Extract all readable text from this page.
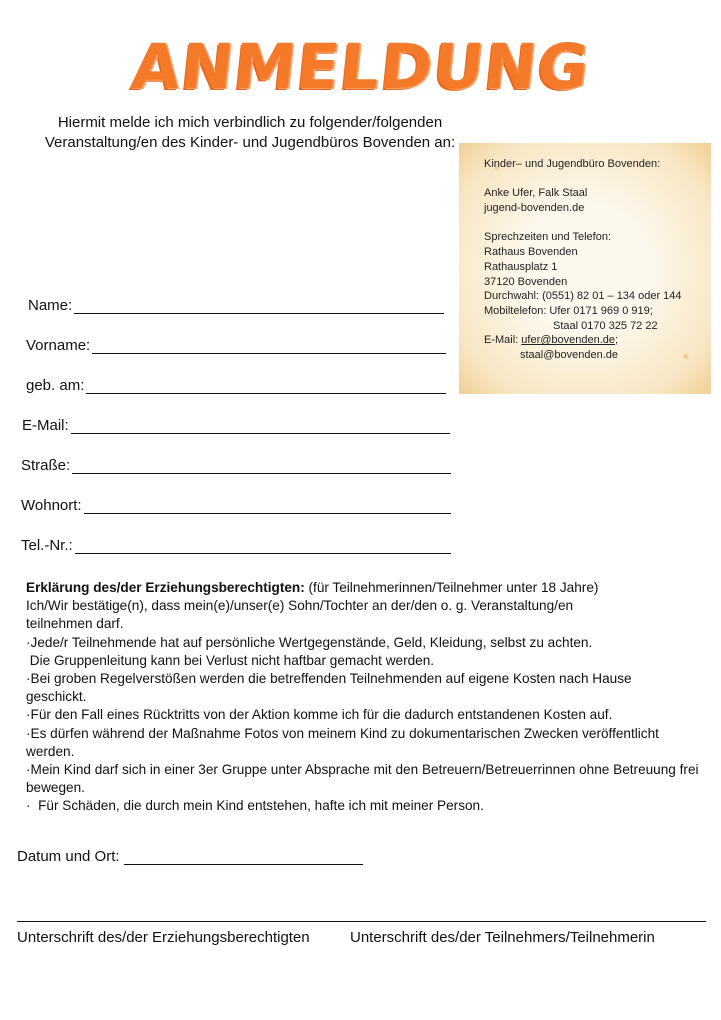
ANMELDUNG
Hiermit melde ich mich verbindlich zu folgender/folgenden
Veranstaltung/en des Kinder- und Jugendbüros Bovenden an:
Kinder– und Jugendbüro Bovenden:
Anke Ufer, Falk Staal
jugend-bovenden.de
Sprechzeiten und Telefon:
Rathaus Bovenden
Rathausplatz 1
37120 Bovenden
Durchwahl: (0551) 82 01 – 134 oder 144
Mobiltelefon: Ufer 0171 969 0 919;
Staal 0170 325 72 22
E-Mail: ufer@bovenden.de;
staal@bovenden.de
Name:
Vorname:
geb. am:
E-Mail:
Straße:
Wohnort:
Tel.-Nr.:

Erklärung des/der Erziehungsberechtigten: (für Teilnehmerinnen/Teilnehmer unter 18 Jahre)

Ich/Wir bestätige(n), dass mein(e)/unser(e) Sohn/Tochter an der/den o. g. Veranstaltung/en teilnehmen darf.

·Jede/r Teilnehmende hat auf persönliche Wertgegenstände, Geld, Kleidung, selbst zu achten.

Die Gruppenleitung kann bei Verlust nicht haftbar gemacht werden.

·Bei groben Regelverstößen werden die betreffenden Teilnehmenden auf eigene Kosten nach Hause geschickt.

·Für den Fall eines Rücktritts von der Aktion komme ich für die dadurch entstandenen Kosten auf.

·Es dürfen während der Maßnahme Fotos von meinem Kind zu dokumentarischen Zwecken veröffentlicht werden.

·Mein Kind darf sich in einer 3er Gruppe unter Absprache mit den Betreuern/Betreuerrinnen ohne Betreuung frei bewegen.

·  Für Schäden, die durch mein Kind entstehen, hafte ich mit meiner Person.

Datum und Ort:
Unterschrift des/der Erziehungsberechtigten	Unterschrift des/der Teilnehmers/Teilnehmerin
